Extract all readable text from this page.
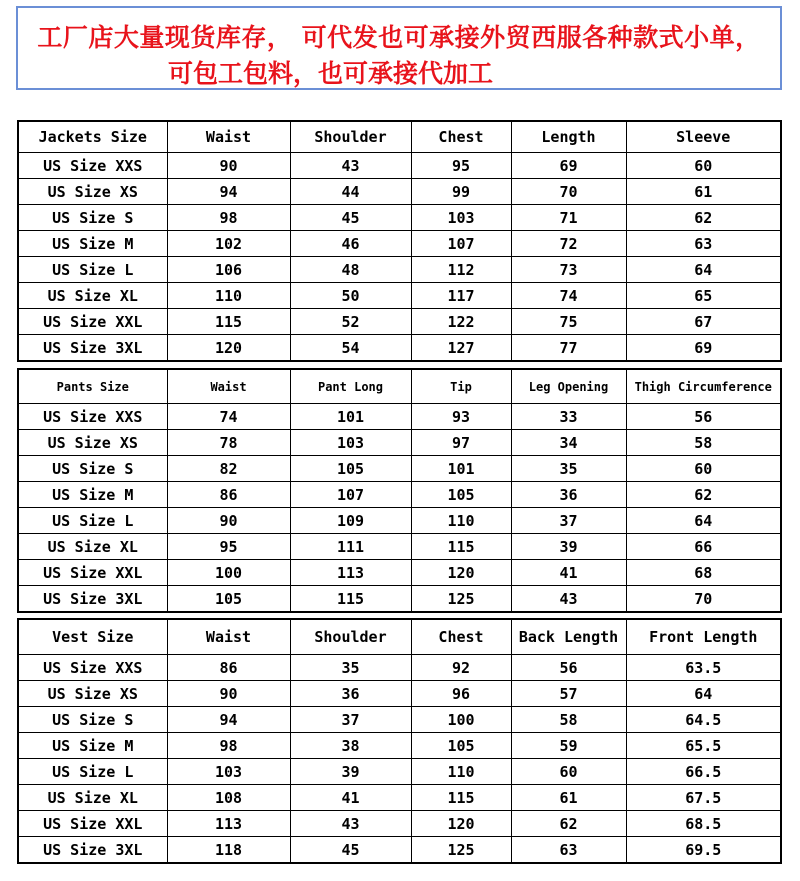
工厂店大量现货库存， 可代发也可承接外贸西服各种款式小单，
可包工包料，也可承接代加工
Jackets Size	Waist	Shoulder	Chest	Length	Sleeve
US Size XXS	90	43	95	69	60
US Size XS	94	44	99	70	61
US Size S	98	45	103	71	62
US Size M	102	46	107	72	63
US Size L	106	48	112	73	64
US Size XL	110	50	117	74	65
US Size XXL	115	52	122	75	67
US Size 3XL	120	54	127	77	69
Pants Size	Waist	Pant Long	Tip	Leg Opening	Thigh Circumference
US Size XXS	74	101	93	33	56
US Size XS	78	103	97	34	58
US Size S	82	105	101	35	60
US Size M	86	107	105	36	62
US Size L	90	109	110	37	64
US Size XL	95	111	115	39	66
US Size XXL	100	113	120	41	68
US Size 3XL	105	115	125	43	70
Vest Size	Waist	Shoulder	Chest	Back Length	Front Length
US Size XXS	86	35	92	56	63.5
US Size XS	90	36	96	57	64
US Size S	94	37	100	58	64.5
US Size M	98	38	105	59	65.5
US Size L	103	39	110	60	66.5
US Size XL	108	41	115	61	67.5
US Size XXL	113	43	120	62	68.5
US Size 3XL	118	45	125	63	69.5
